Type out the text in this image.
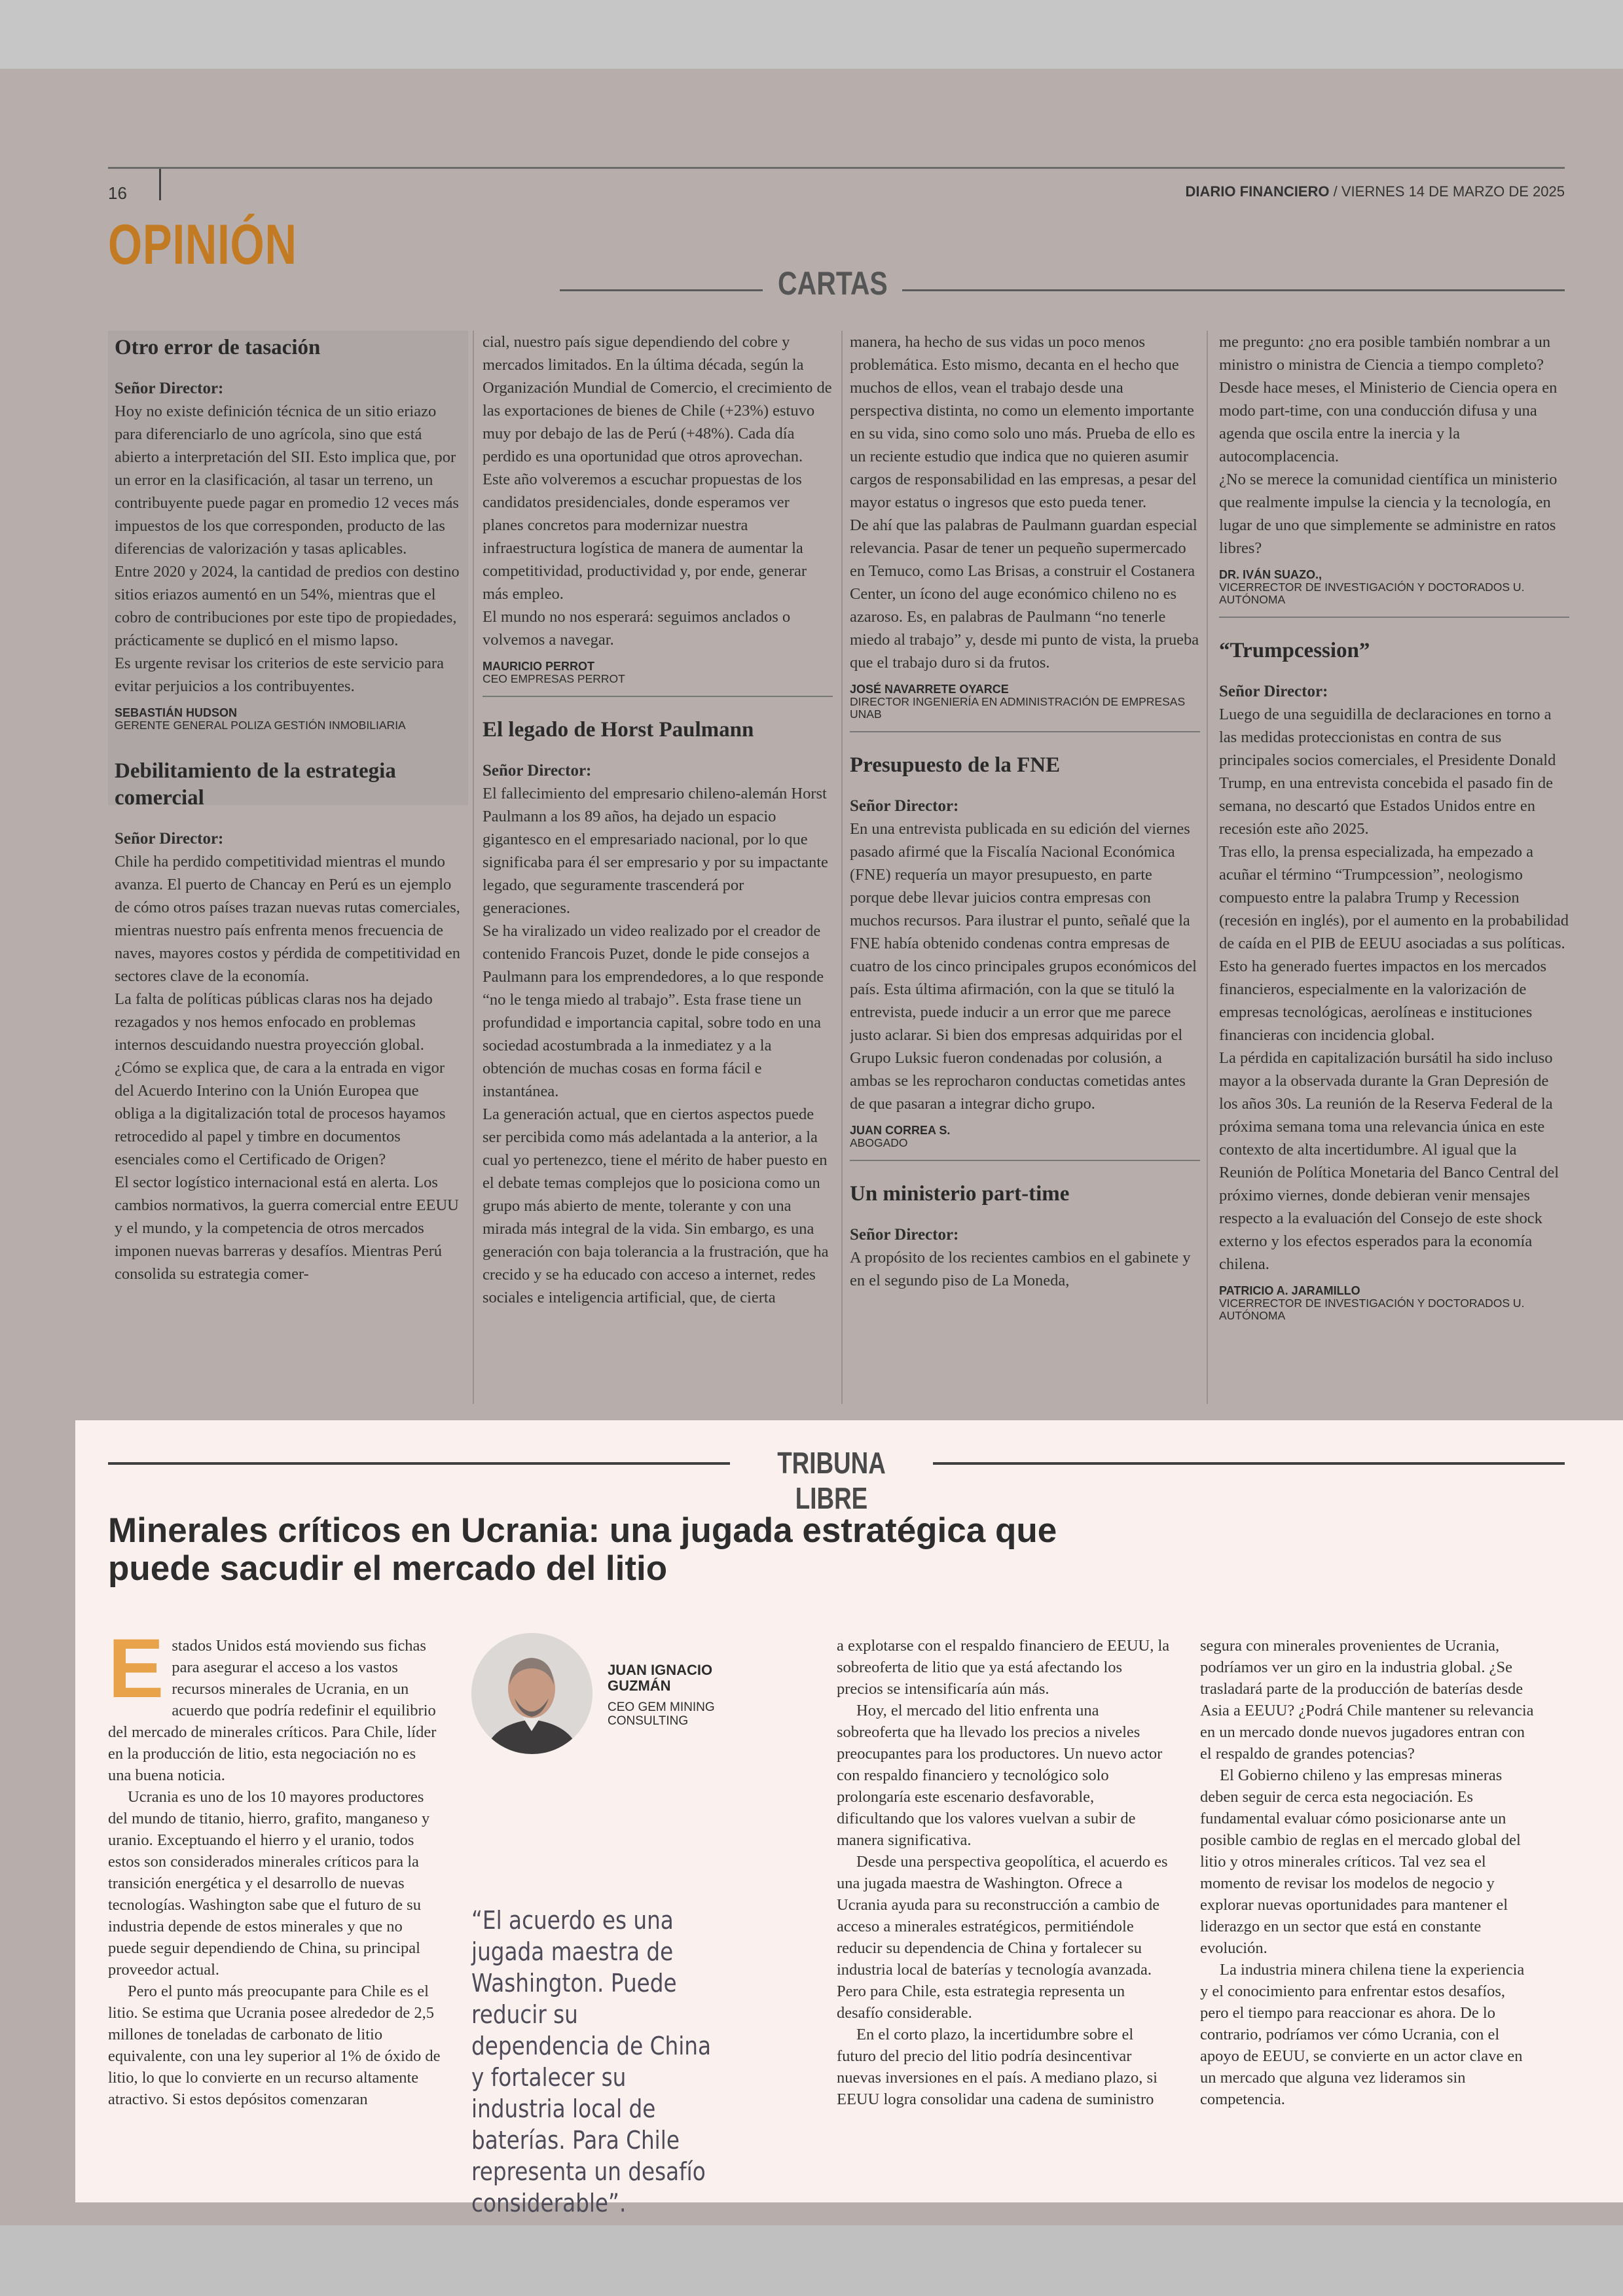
16	DIARIO FINANCIERO / VIERNES 14 DE MARZO DE 2025
OPINIÓN
CARTAS
Otro error de tasación

Señor Director:

Hoy no existe definición técnica de un sitio eriazo para diferenciarlo de uno agrícola, sino que está abierto a interpretación del SII. Esto implica que, por un error en la clasificación, al tasar un terreno, un contribuyente puede pagar en promedio 12 veces más impuestos de los que corresponden, producto de las diferencias de valorización y tasas aplicables.

Entre 2020 y 2024, la cantidad de predios con destino sitios eriazos aumentó en un 54%, mientras que el cobro de contribuciones por este tipo de propiedades, prácticamente se duplicó en el mismo lapso.

Es urgente revisar los criterios de este servicio para evitar perjuicios a los contribuyentes.

SEBASTIÁN HUDSON
GERENTE GENERAL POLIZA GESTIÓN INMOBILIARIA
Debilitamiento de la estrategia comercial

Señor Director:

Chile ha perdido competitividad mientras el mundo avanza. El puerto de Chancay en Perú es un ejemplo de cómo otros países trazan nuevas rutas comerciales, mientras nuestro país enfrenta menos frecuencia de naves, mayores costos y pérdida de competitividad en sectores clave de la economía.

La falta de políticas públicas claras nos ha dejado rezagados y nos hemos enfocado en problemas internos descuidando nuestra proyección global. ¿Cómo se explica que, de cara a la entrada en vigor del Acuerdo Interino con la Unión Europea que obliga a la digitalización total de procesos hayamos retrocedido al papel y timbre en documentos esenciales como el Certificado de Origen?

El sector logístico internacional está en alerta. Los cambios normativos, la guerra comercial entre EEUU y el mundo, y la competencia de otros mercados imponen nuevas barreras y desafíos. Mientras Perú consolida su estrategia comer-

cial, nuestro país sigue dependiendo del cobre y mercados limitados. En la última década, según la Organización Mundial de Comercio, el crecimiento de las exportaciones de bienes de Chile (+23%) estuvo muy por debajo de las de Perú (+48%). Cada día perdido es una oportunidad que otros aprovechan.

Este año volveremos a escuchar propuestas de los candidatos presidenciales, donde esperamos ver planes concretos para modernizar nuestra infraestructura logística de manera de aumentar la competitividad, productividad y, por ende, generar más empleo.

El mundo no nos esperará: seguimos anclados o volvemos a navegar.

MAURICIO PERROT
CEO EMPRESAS PERROT
El legado de Horst Paulmann

Señor Director:

El fallecimiento del empresario chileno-alemán Horst Paulmann a los 89 años, ha dejado un espacio gigantesco en el empresariado nacional, por lo que significaba para él ser empresario y por su impactante legado, que seguramente trascenderá por generaciones.

Se ha viralizado un video realizado por el creador de contenido Francois Puzet, donde le pide consejos a Paulmann para los emprendedores, a lo que responde “no le tenga miedo al trabajo”. Esta frase tiene un profundidad e importancia capital, sobre todo en una sociedad acostumbrada a la inmediatez y a la obtención de muchas cosas en forma fácil e instantánea.

La generación actual, que en ciertos aspectos puede ser percibida como más adelantada a la anterior, a la cual yo pertenezco, tiene el mérito de haber puesto en el debate temas complejos que lo posiciona como un grupo más abierto de mente, tolerante y con una mirada más integral de la vida. Sin embargo, es una generación con baja tolerancia a la frustración, que ha crecido y se ha educado con acceso a internet, redes sociales e inteligencia artificial, que, de cierta

manera, ha hecho de sus vidas un poco menos problemática. Esto mismo, decanta en el hecho que muchos de ellos, vean el trabajo desde una perspectiva distinta, no como un elemento importante en su vida, sino como solo uno más. Prueba de ello es un reciente estudio que indica que no quieren asumir cargos de responsabilidad en las empresas, a pesar del mayor estatus o ingresos que esto pueda tener.

De ahí que las palabras de Paulmann guardan especial relevancia. Pasar de tener un pequeño supermercado en Temuco, como Las Brisas, a construir el Costanera Center, un ícono del auge económico chileno no es azaroso. Es, en palabras de Paulmann “no tenerle miedo al trabajo” y, desde mi punto de vista, la prueba que el trabajo duro si da frutos.

JOSÉ NAVARRETE OYARCE
DIRECTOR INGENIERÍA EN ADMINISTRACIÓN DE EMPRESAS UNAB
Presupuesto de la FNE

Señor Director:

En una entrevista publicada en su edición del viernes pasado afirmé que la Fiscalía Nacional Económica (FNE) requería un mayor presupuesto, en parte porque debe llevar juicios contra empresas con muchos recursos. Para ilustrar el punto, señalé que la FNE había obtenido condenas contra empresas de cuatro de los cinco principales grupos económicos del país. Esta última afirmación, con la que se tituló la entrevista, puede inducir a un error que me parece justo aclarar. Si bien dos empresas adquiridas por el Grupo Luksic fueron condenadas por colusión, a ambas se les reprocharon conductas cometidas antes de que pasaran a integrar dicho grupo.

JUAN CORREA S.
ABOGADO
Un ministerio part-time

Señor Director:

A propósito de los recientes cambios en el gabinete y en el segundo piso de La Moneda,

me pregunto: ¿no era posible también nombrar a un ministro o ministra de Ciencia a tiempo completo?

Desde hace meses, el Ministerio de Ciencia opera en modo part-time, con una conducción difusa y una agenda que oscila entre la inercia y la autocomplacencia.

¿No se merece la comunidad científica un ministerio que realmente impulse la ciencia y la tecnología, en lugar de uno que simplemente se administre en ratos libres?

DR. IVÁN SUAZO.,
VICERRECTOR DE INVESTIGACIÓN Y DOCTORADOS U. AUTÓNOMA
“Trumpcession”

Señor Director:

Luego de una seguidilla de declaraciones en torno a las medidas proteccionistas en contra de sus principales socios comerciales, el Presidente Donald Trump, en una entrevista concebida el pasado fin de semana, no descartó que Estados Unidos entre en recesión este año 2025.

Tras ello, la prensa especializada, ha empezado a acuñar el término “Trumpcession”, neologismo compuesto entre la palabra Trump y Recession (recesión en inglés), por el aumento en la probabilidad de caída en el PIB de EEUU asociadas a sus políticas. Esto ha generado fuertes impactos en los mercados financieros, especialmente en la valorización de empresas tecnológicas, aerolíneas e instituciones financieras con incidencia global.

La pérdida en capitalización bursátil ha sido incluso mayor a la observada durante la Gran Depresión de los años 30s. La reunión de la Reserva Federal de la próxima semana toma una relevancia única en este contexto de alta incertidumbre. Al igual que la Reunión de Política Monetaria del Banco Central del próximo viernes, donde debieran venir mensajes respecto a la evaluación del Consejo de este shock externo y los efectos esperados para la economía chilena.

PATRICIO A. JARAMILLO
VICERRECTOR DE INVESTIGACIÓN Y DOCTORADOS U. AUTÓNOMA
TRIBUNA LIBRE
Minerales críticos en Ucrania: una jugada estratégica que puede sacudir el mercado del litio
E stados Unidos está moviendo sus fichas para asegurar el acceso a los vastos recursos minerales de Ucrania, en un acuerdo que podría redefinir el equilibrio del mercado de minerales críticos. Para Chile, líder en la producción de litio, esta negociación no es una buena noticia.

Ucrania es uno de los 10 mayores productores del mundo de titanio, hierro, grafito, manganeso y uranio. Exceptuando el hierro y el uranio, todos estos son considerados minerales críticos para la transición energética y el desarrollo de nuevas tecnologías. Washington sabe que el futuro de su industria depende de estos minerales y que no puede seguir dependiendo de China, su principal proveedor actual.

Pero el punto más preocupante para Chile es el litio. Se estima que Ucrania posee alrededor de 2,5 millones de toneladas de carbonato de litio equivalente, con una ley superior al 1% de óxido de litio, lo que lo convierte en un recurso altamente atractivo. Si estos depósitos comenzaran

JUAN IGNACIO GUZMÁN
CEO GEM MINING CONSULTING
“El acuerdo es una jugada maestra de Washington. Puede reducir su dependencia de China y fortalecer su industria local de baterías. Para Chile representa un desafío considerable”.

a explotarse con el respaldo financiero de EEUU, la sobreoferta de litio que ya está afectando los precios se intensificaría aún más.

Hoy, el mercado del litio enfrenta una sobreoferta que ha llevado los precios a niveles preocupantes para los productores. Un nuevo actor con respaldo financiero y tecnológico solo prolongaría este escenario desfavorable, dificultando que los valores vuelvan a subir de manera significativa.

Desde una perspectiva geopolítica, el acuerdo es una jugada maestra de Washington. Ofrece a Ucrania ayuda para su reconstrucción a cambio de acceso a minerales estratégicos, permitiéndole reducir su dependencia de China y fortalecer su industria local de baterías y tecnología avanzada. Pero para Chile, esta estrategia representa un desafío considerable.

En el corto plazo, la incertidumbre sobre el futuro del precio del litio podría desincentivar nuevas inversiones en el país. A mediano plazo, si EEUU logra consolidar una cadena de suministro

segura con minerales provenientes de Ucrania, podríamos ver un giro en la industria global. ¿Se trasladará parte de la producción de baterías desde Asia a EEUU? ¿Podrá Chile mantener su relevancia en un mercado donde nuevos jugadores entran con el respaldo de grandes potencias?

El Gobierno chileno y las empresas mineras deben seguir de cerca esta negociación. Es fundamental evaluar cómo posicionarse ante un posible cambio de reglas en el mercado global del litio y otros minerales críticos. Tal vez sea el momento de revisar los modelos de negocio y explorar nuevas oportunidades para mantener el liderazgo en un sector que está en constante evolución.

La industria minera chilena tiene la experiencia y el conocimiento para enfrentar estos desafíos, pero el tiempo para reaccionar es ahora. De lo contrario, podríamos ver cómo Ucrania, con el apoyo de EEUU, se convierte en un actor clave en un mercado que alguna vez lideramos sin competencia.
